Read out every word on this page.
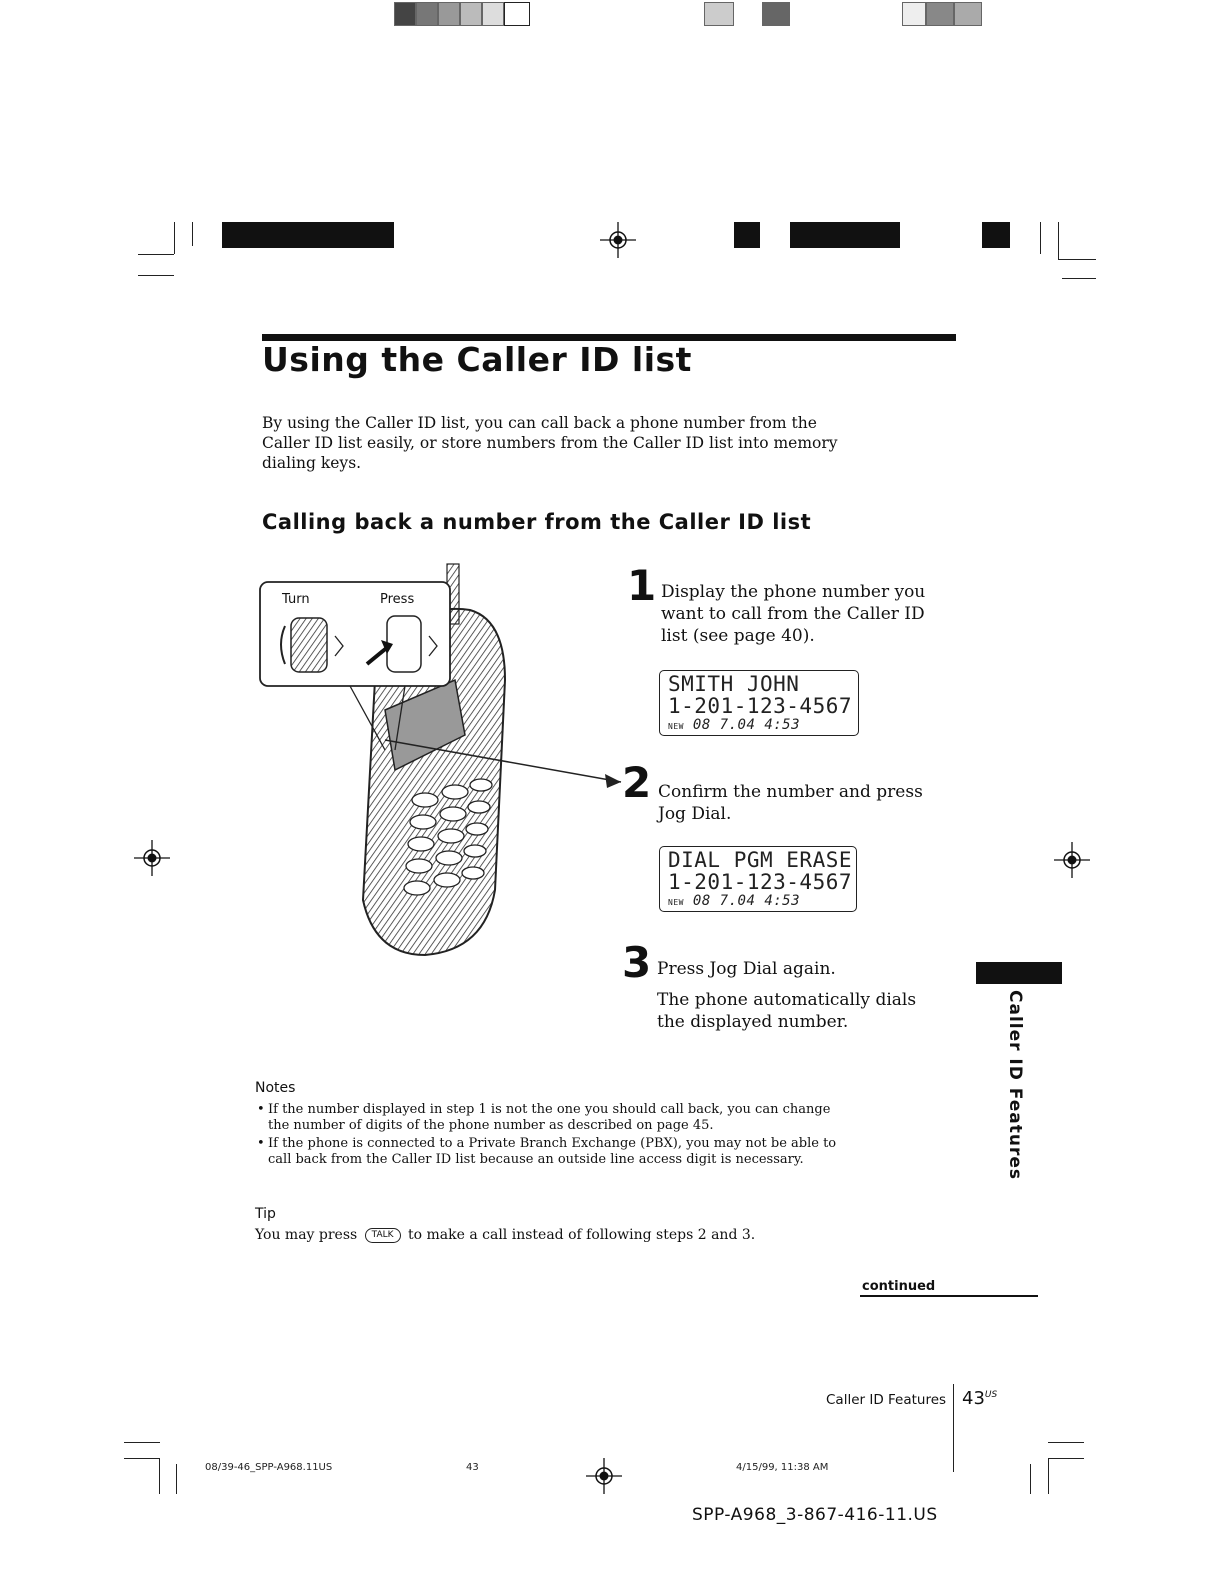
Using the Caller ID list
By using the Caller ID list, you can call back a phone number from the Caller ID list easily, or store numbers from the Caller ID list into memory dialing keys.
Calling back a number from the Caller ID list
Turn	Press	1 Display the phone number you want to call from the Caller ID list (see page 40).
SMITH JOHN
1-201-123-4567
NEW 08 7.04 4:53
2 Confirm the number and press Jog Dial.
DIAL PGM ERASE
1-201-123-4567
NEW 08 7.04 4:53
3 Press Jog Dial again.
The phone automatically dials the displayed number.	Caller ID Features
Notes
• If the number displayed in step 1 is not the one you should call back, you can change the number of digits of the phone number as described on page 45.
• If the phone is connected to a Private Branch Exchange (PBX), you may not be able to call back from the Caller ID list because an outside line access digit is necessary.
Tip
You may press TALK to make a call instead of following steps 2 and 3.
continued
Caller ID Features $43^{US}$
08/39-46_SPP-A968.11US	43	4/15/99, 11:38 AM
SPP-A968_3-867-416-11.US
